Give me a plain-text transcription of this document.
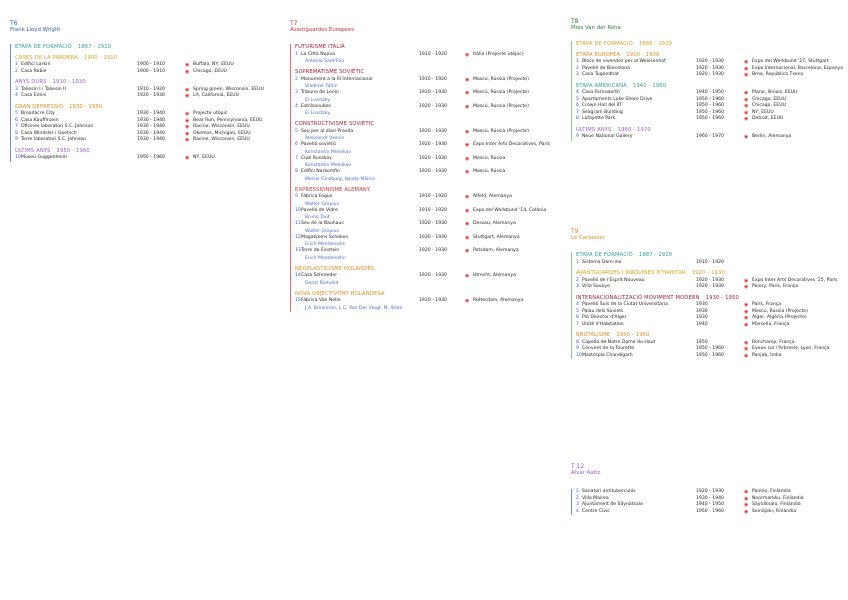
T6
Frank Lloyd Wright
ETAPA DE FORMACIÓ 1867 - 1910
CASES DE LA PRADERA 1900 - 1910
1 Edifici Larkin	1900 - 1910	◉ Buffalo, NY, EEUU
2 Casa Robie	1900 - 1910	◉ Chicago, EEUU
ANYS DURS 1910 - 1930
3 Taliesin I i Taliesin II	1910 - 1920	◉ Spring green, Wisconsin, EEUU
4 Casa Ennis	1920 - 1930	◉ LA, California, EEUU
GRAN DEPRESSIÓ 1930 - 1950
5 Broadacre City	1930 - 1940	◉ Projecte utòpic
6 Casa Kauffmann	1930 - 1940	◉ Bear Run, Pennsylvania, EEUU
7 Oficines laboratori S.C. Johnson	1930 - 1940	◉ Racine, Wisconsin, EEUU
8 Casa Windsler i Goetsch	1930 - 1940	◉ Okemos, Michigan, EEUU
9 Torre laboratori S.C. Johnson	1930 - 1940	◉ Racine, Wisconsin, EEUU
ÚLTIMS ANYS 1950 - 1960
10Museu Guggenheim	1950 - 1960	◉ NY, EEUU
T7
Avantguardes Europees
FUTURISME ITALIÀ
1 La Città Nuova	1910 - 1920	◉ Itàlia (Projecte utòpic)
Antonio Sant'Elia
SUPREMATISME SOVIÈTIC
2 Monument a la III Internacional	1910 - 1920	◉ Moscú, Rússia (Projecte)
Vladimir Tatlin
3 Tribuna de Lenin	1920 - 1930	◉ Moscú, Rússia (Projecte)
El Lissitzky
4 Estribanubes	1920 - 1930	◉ Moscú, Rússia (Projecte)
El Lissitzky
CONSTRUCTIVISME SOVIÈTIC
5 Seu per al diari Pravda	1920 - 1930	◉ Moscú, Rússia (Projecte)
Aleksandr Vesnin
6 Pavelló soviètic	1920 - 1930	◉ Expo Inter Arts Decoratives, París
Konstantin Melnikov
7 Club Rusakov	1920 - 1930	◉ Moscú, Rússia
Konstantin Melnikov
8 Edifici Narkomfin	1920 - 1930	◉ Moscú, Rússia
Moisei Ginzburg, Ignaty Milinis
EXPRESSIONISME ALEMANY
9 Fàbrica Fagus	1910 - 1920	◉ Alfeld, Alemanya
Walter Gropius
10Pavelló de Vidre	1910 - 1920	◉ Expo del Werkbund '14, Colònia
Bruno Taut
11Seu de la Bauhaus	1920 - 1930	◉ Dessau, Alemanya
Walter Gropius
12Magatzems Schoken	1920 - 1930	◉ Stuttgart, Alemanya
Erich Mendelsohn
13Torre de Einstein	1920 - 1930	◉ Potsdam, Alemanya
Erich Mendelsohn
NEOPLASTICISME HOLANDÈS
14Casa Schroeder	1920 - 1930	◉ Utrecht, Alemanya
Gerrit Rietveld
NOVA OBJECTIVITAT HOLANDESA
15Fàbrica Van Nelle	1920 - 1930	◉ Rotterdam, Alemanya
J.A. Brinkman, L.C. Van Der Vlugt, M. Stam
T8
Mies Van der Rohe
ETAPA DE FORMACIÓ 1886 - 1920
ETAPA EUROPEA 1920 - 1930
1 Blocs de vivendes per al Weissenhof	1920 - 1930	◉ Expo del Werkbund '27, Stuttgart
2 Pavelló de Barcelona	1920 - 1930	◉ Expo Internacional, Barcelona, Espanya
3 Casa Tugendhat	1920 - 1930	◉ Brno, República Txeca
ETAPA AMERICANA 1940 - 1960
4 Casa Farnsworth	1940 - 1950	◉ Plano, Illinois, EEUU
5 Apartaments Lake Shore Drive	1950 - 1960	◉ Chicago, EEUU
6 Crown Hall del IIT	1950 - 1960	◉ Chicago, EEUU
7 Seagram Building	1950 - 1960	◉ NY, EEUU
8 Lafayette Park	1950 - 1960	◉ Detroit, EEUU
ÚLTIMS ANYS 1960 - 1970
9 Neue National Gallery	1960 - 1970	◉ Berlín, Alemanya
T9
Le Corbusier
ETAPA DE FORMACIÓ 1887 - 1920
1 Sistema Dom-ino	1910 - 1920
AVANTGUARDES I MÀQUINES D'HABITAR 1920 - 1930
2 Pavelló de l'Esprit Nouveau	1920 - 1930	◉ Expo Inter Arts Decoratives '25, París
3 Villa Savoye	1920 - 1930	◉ Poissy, París, França
INTERNACIONALITZACIÓ MOVIMENT MODERN 1930 - 1950
4 Pavelló Suís de la Ciutat Universitària	1930	◉ París, França
5 Palau dels Soviets	1930	◉ Moscú, Rússia (Projecte)
6 Pla Director d'Alger	1930	◉ Alger, Algèria (Projecte)
7 Unité d'Habitation	1940	◉ Marsella, França
BRUTALISME 1950 - 1960
8 Capella de Notre Dame du Haut	1950	◉ Ronchamp, França
9 Convent de la Tourette	1950 - 1960	◉ Eveux sur l'Arbresle, Lyon, França
10Masterpla Chandigarh	1950 - 1960	◉ Panjab, Índia
T 12
Alvar Aalto
1 Sanatori antituberculós	1920 - 1930	◉ Paimio, Finlàndia
2 Villa Mairea	1930 - 1940	◉ Noormarkku, Finlàndia
3 Ajuntament de Säynätsalo	1940 - 1950	◉ Säynätsalo, Finlàndia
4 Centre Cívic	1950 - 1960	◉ Seinäjoki, Finlàndia
